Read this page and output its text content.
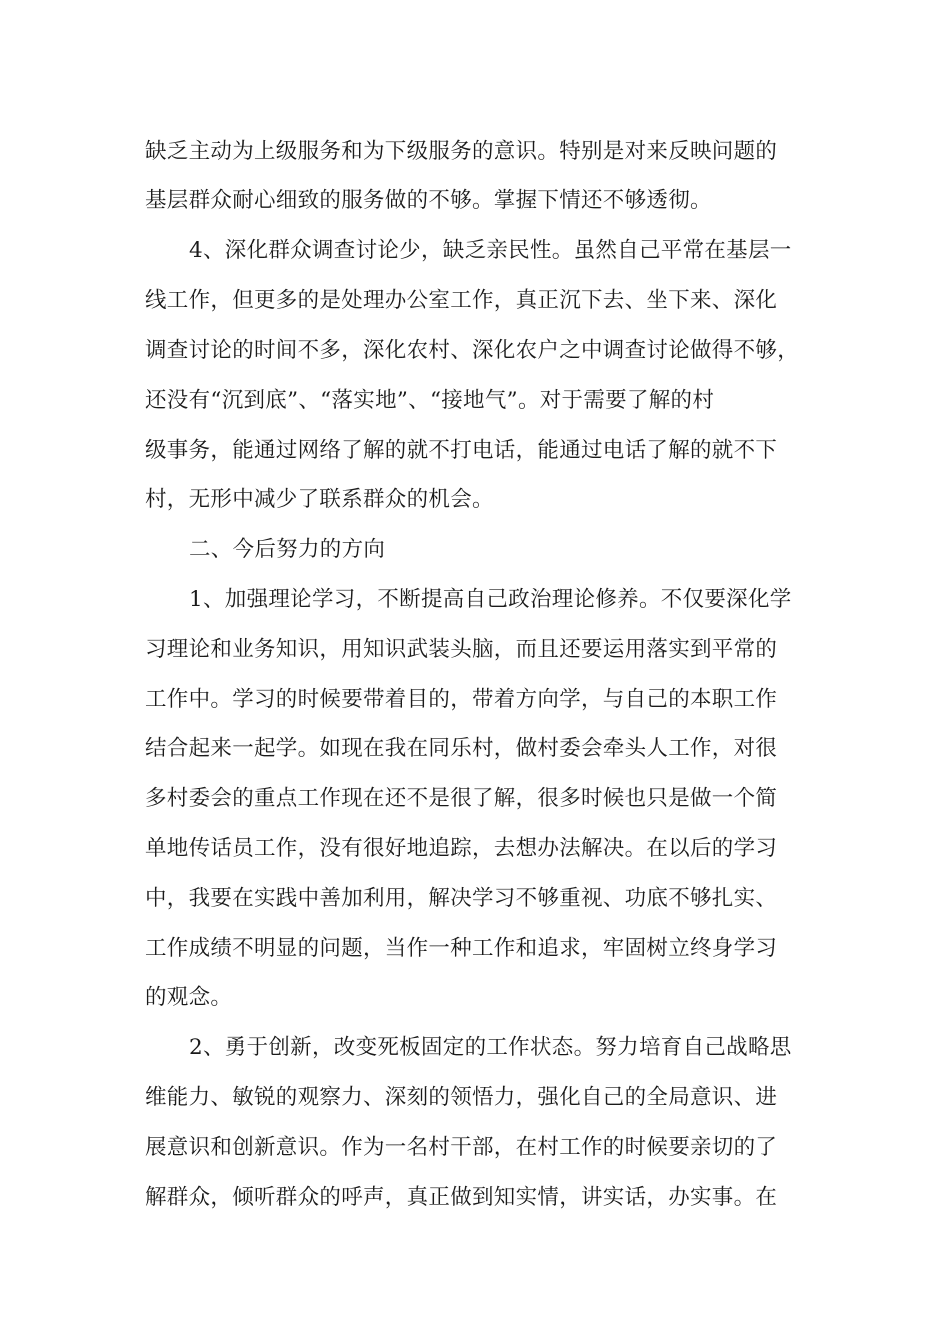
缺乏主动为上级服务和为下级服务的意识。特别是对来反映问题的
基层群众耐心细致的服务做的不够。掌握下情还不够透彻。
4、深化群众调查讨论少，缺乏亲民性。虽然自己平常在基层一
线工作，但更多的是处理办公室工作，真正沉下去、坐下来、深化
调查讨论的时间不多，深化农村、深化农户之中调查讨论做得不够，
还没有“沉到底”、“落实地”、“接地气”。对于需要了解的村
级事务，能通过网络了解的就不打电话，能通过电话了解的就不下
村，无形中减少了联系群众的机会。
二、今后努力的方向
1、加强理论学习，不断提高自己政治理论修养。不仅要深化学
习理论和业务知识，用知识武装头脑，而且还要运用落实到平常的
工作中。学习的时候要带着目的，带着方向学，与自己的本职工作
结合起来一起学。如现在我在同乐村，做村委会牵头人工作，对很
多村委会的重点工作现在还不是很了解，很多时候也只是做一个简
单地传话员工作，没有很好地追踪，去想办法解决。在以后的学习
中，我要在实践中善加利用，解决学习不够重视、功底不够扎实、
工作成绩不明显的问题，当作一种工作和追求，牢固树立终身学习
的观念。
2、勇于创新，改变死板固定的工作状态。努力培育自己战略思
维能力、敏锐的观察力、深刻的领悟力，强化自己的全局意识、进
展意识和创新意识。作为一名村干部，在村工作的时候要亲切的了
解群众，倾听群众的呼声，真正做到知实情，讲实话，办实事。在
